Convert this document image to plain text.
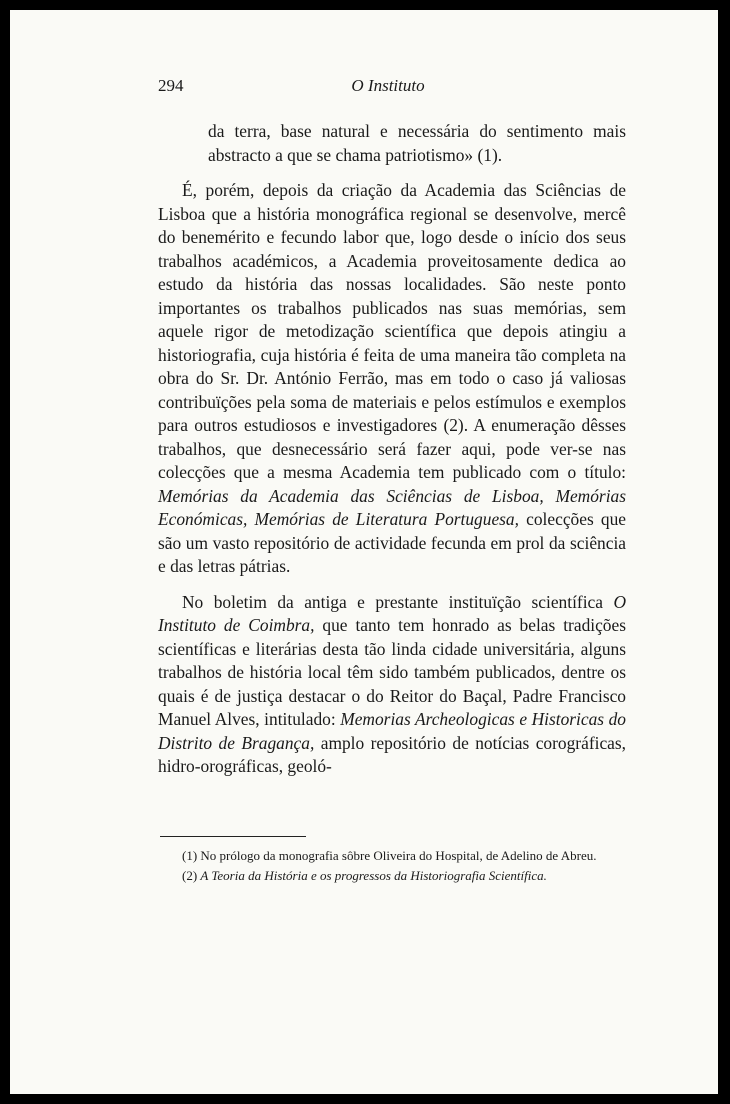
294	O Instituto

da terra, base natural e necessária do sentimento mais abstracto a que se chama patriotismo» (1).

É, porém, depois da criação da Academia das Sciências de Lisboa que a história monográfica regional se desenvolve, mercê do benemérito e fecundo labor que, logo desde o início dos seus trabalhos académicos, a Academia proveitosamente dedica ao estudo da história das nossas localidades. São neste ponto importantes os trabalhos publicados nas suas memórias, sem aquele rigor de metodização scientífica que depois atingiu a historiografia, cuja história é feita de uma maneira tão completa na obra do Sr. Dr. António Ferrão, mas em todo o caso já valiosas contribuïções pela soma de materiais e pelos estímulos e exemplos para outros estudiosos e investigadores (2). A enumeração dêsses trabalhos, que desnecessário será fazer aqui, pode ver-se nas colecções que a mesma Academia tem publicado com o título: Memórias da Academia das Sciências de Lisboa, Memórias Económicas, Memórias de Literatura Portuguesa, colecções que são um vasto repositório de actividade fecunda em prol da sciência e das letras pátrias.

No boletim da antiga e prestante instituïção scientífica O Instituto de Coimbra, que tanto tem honrado as belas tradições scientíficas e literárias desta tão linda cidade universitária, alguns trabalhos de história local têm sido também publicados, dentre os quais é de justiça destacar o do Reitor do Baçal, Padre Francisco Manuel Alves, intitulado: Memorias Archeologicas e Historicas do Distrito de Bragança, amplo repositório de notícias corográficas, hidro-orográficas, geoló-

(1) No prólogo da monografia sôbre Oliveira do Hospital, de Adelino de Abreu.

(2) A Teoria da História e os progressos da Historiografia Scientífica.
